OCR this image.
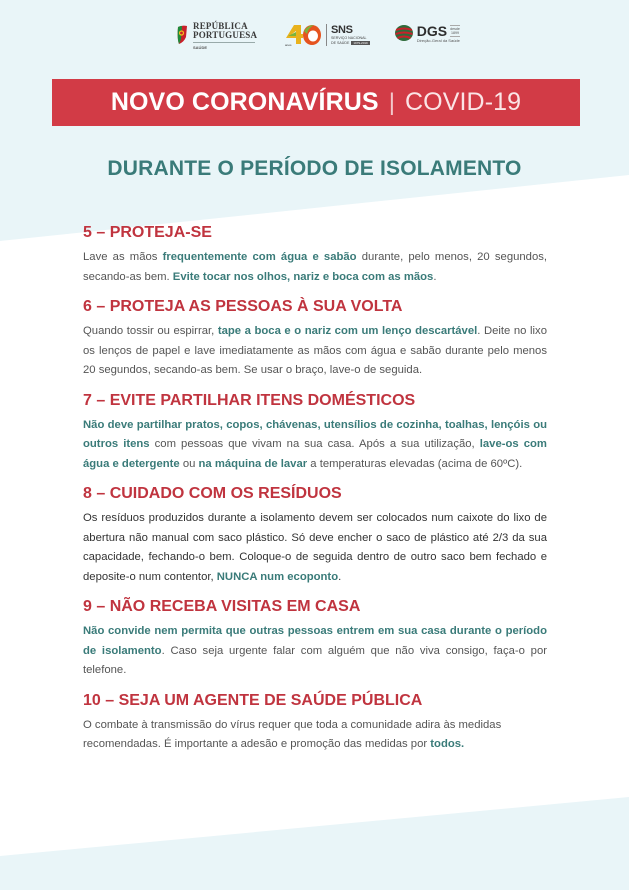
REPÚBLICA
PORTUGUESA
SAÚDE	anos
SNS
SERVIÇO NACIONAL
DE SAÚDE 1979-2019
DGS desde
1899
Direção-Geral da Saúde
NOVO CORONAVÍRUS | COVID-19
DURANTE O PERÍODO DE ISOLAMENTO
5 – PROTEJA-SE

Lave as mãos frequentemente com água e sabão durante, pelo menos, 20 segundos, secando-as bem. Evite tocar nos olhos, nariz e boca com as mãos.

6 – PROTEJA AS PESSOAS À SUA VOLTA

Quando tossir ou espirrar, tape a boca e o nariz com um lenço descartável. Deite no lixo os lenços de papel e lave imediatamente as mãos com água e sabão durante pelo menos 20 segundos, secando-as bem. Se usar o braço, lave-o de seguida.

7 – EVITE PARTILHAR ITENS DOMÉSTICOS

Não deve partilhar pratos, copos, chávenas, utensílios de cozinha, toalhas, lençóis ou outros itens com pessoas que vivam na sua casa. Após a sua utilização, lave-os com água e detergente ou na máquina de lavar a temperaturas elevadas (acima de 60ºC).

8 – CUIDADO COM OS RESÍDUOS

Os resíduos produzidos durante a isolamento devem ser colocados num caixote do lixo de abertura não manual com saco plástico. Só deve encher o saco de plástico até 2/3 da sua capacidade, fechando-o bem. Coloque-o de seguida dentro de outro saco bem fechado e deposite-o num contentor, NUNCA num ecoponto.

9 – NÃO RECEBA VISITAS EM CASA

Não convide nem permita que outras pessoas entrem em sua casa durante o período de isolamento. Caso seja urgente falar com alguém que não viva consigo, faça-o por telefone.

10 – SEJA UM AGENTE DE SAÚDE PÚBLICA

O combate à transmissão do vírus requer que toda a comunidade adira às medidas recomendadas. É importante a adesão e promoção das medidas por todos.
